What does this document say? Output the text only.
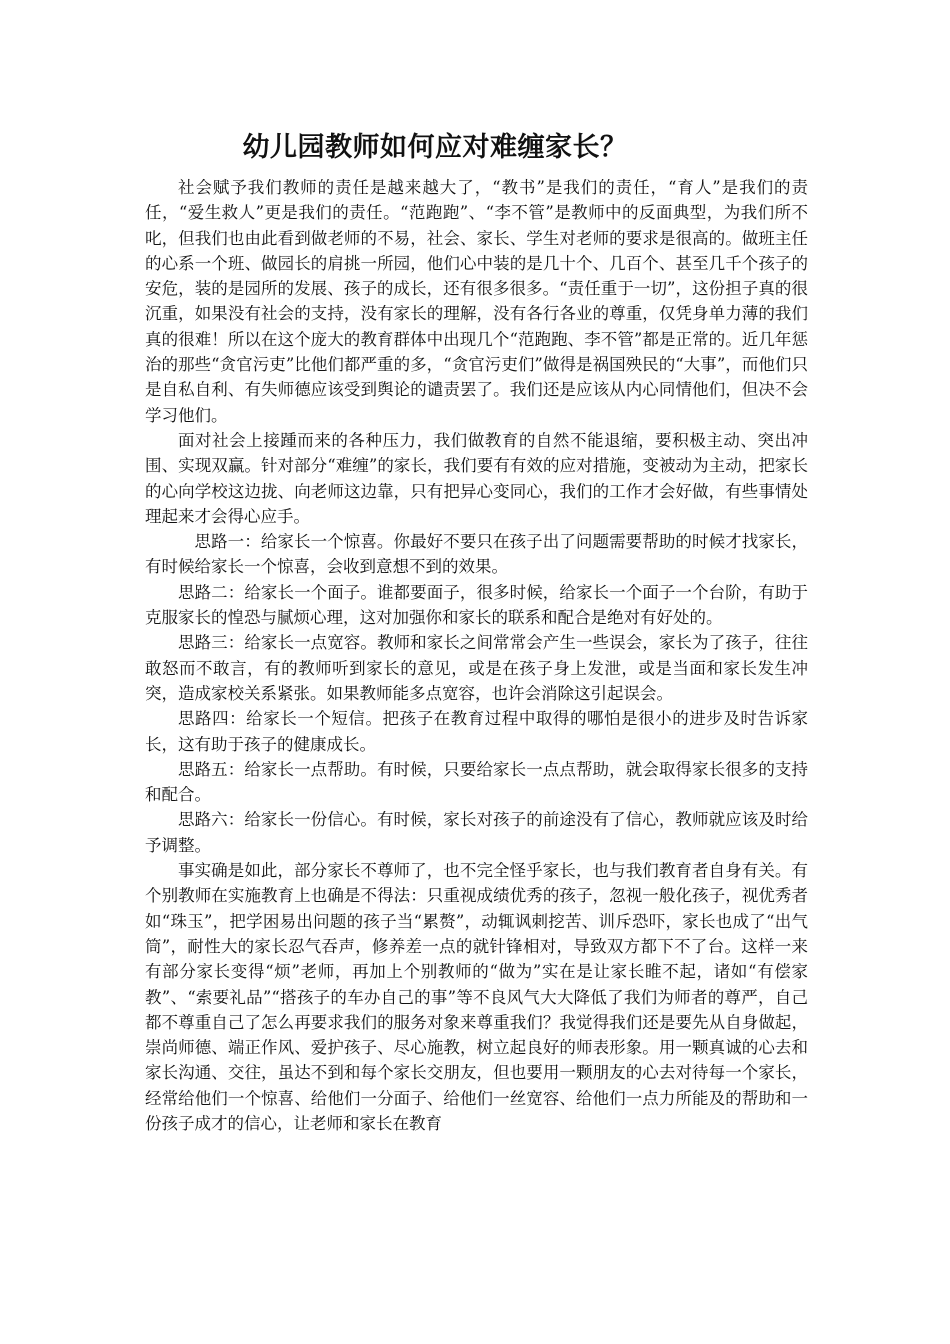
幼儿园教师如何应对难缠家长？

社会赋予我们教师的责任是越来越大了，“教书”是我们的责任，“育人”是我们的责任，“爱生救人”更是我们的责任。“范跑跑”、“李不管”是教师中的反面典型，为我们所不叱，但我们也由此看到做老师的不易，社会、家长、学生对老师的要求是很高的。做班主任的心系一个班、做园长的肩挑一所园，他们心中装的是几十个、几百个、甚至几千个孩子的安危，装的是园所的发展、孩子的成长，还有很多很多。“责任重于一切”，这份担子真的很沉重，如果没有社会的支持，没有家长的理解，没有各行各业的尊重，仅凭身单力薄的我们真的很难！所以在这个庞大的教育群体中出现几个“范跑跑、李不管”都是正常的。近几年惩治的那些“贪官污吏”比他们都严重的多，“贪官污吏们”做得是祸国殃民的“大事”，而他们只是自私自利、有失师德应该受到舆论的谴责罢了。我们还是应该从内心同情他们，但决不会学习他们。

面对社会上接踵而来的各种压力，我们做教育的自然不能退缩，要积极主动、突出冲围、实现双赢。针对部分“难缠”的家长，我们要有有效的应对措施，变被动为主动，把家长的心向学校这边拢、向老师这边靠，只有把异心变同心，我们的工作才会好做，有些事情处理起来才会得心应手。

思路一：给家长一个惊喜。你最好不要只在孩子出了问题需要帮助的时候才找家长，有时候给家长一个惊喜，会收到意想不到的效果。

思路二：给家长一个面子。谁都要面子，很多时候，给家长一个面子一个台阶，有助于克服家长的惶恐与腻烦心理，这对加强你和家长的联系和配合是绝对有好处的。

思路三：给家长一点宽容。教师和家长之间常常会产生一些误会，家长为了孩子，往往敢怒而不敢言，有的教师听到家长的意见，或是在孩子身上发泄，或是当面和家长发生冲突，造成家校关系紧张。如果教师能多点宽容，也许会消除这引起误会。

思路四：给家长一个短信。把孩子在教育过程中取得的哪怕是很小的进步及时告诉家长，这有助于孩子的健康成长。

思路五：给家长一点帮助。有时候，只要给家长一点点帮助，就会取得家长很多的支持和配合。

思路六：给家长一份信心。有时候，家长对孩子的前途没有了信心，教师就应该及时给予调整。

事实确是如此，部分家长不尊师了，也不完全怪乎家长，也与我们教育者自身有关。有个别教师在实施教育上也确是不得法：只重视成绩优秀的孩子，忽视一般化孩子，视优秀者如“珠玉”，把学困易出问题的孩子当“累赘”，动辄讽刺挖苦、训斥恐吓，家长也成了“出气筒”，耐性大的家长忍气吞声，修养差一点的就针锋相对，导致双方都下不了台。这样一来有部分家长变得“烦”老师，再加上个别教师的“做为”实在是让家长睢不起，诸如“有偿家教”、“索要礼品”“搭孩子的车办自己的事”等不良风气大大降低了我们为师者的尊严，自己都不尊重自己了怎么再要求我们的服务对象来尊重我们？我觉得我们还是要先从自身做起，崇尚师德、端正作风、爱护孩子、尽心施教，树立起良好的师表形象。用一颗真诚的心去和家长沟通、交往，虽达不到和每个家长交朋友，但也要用一颗朋友的心去对待每一个家长，经常给他们一个惊喜、给他们一分面子、给他们一丝宽容、给他们一点力所能及的帮助和一份孩子成才的信心，让老师和家长在教育
